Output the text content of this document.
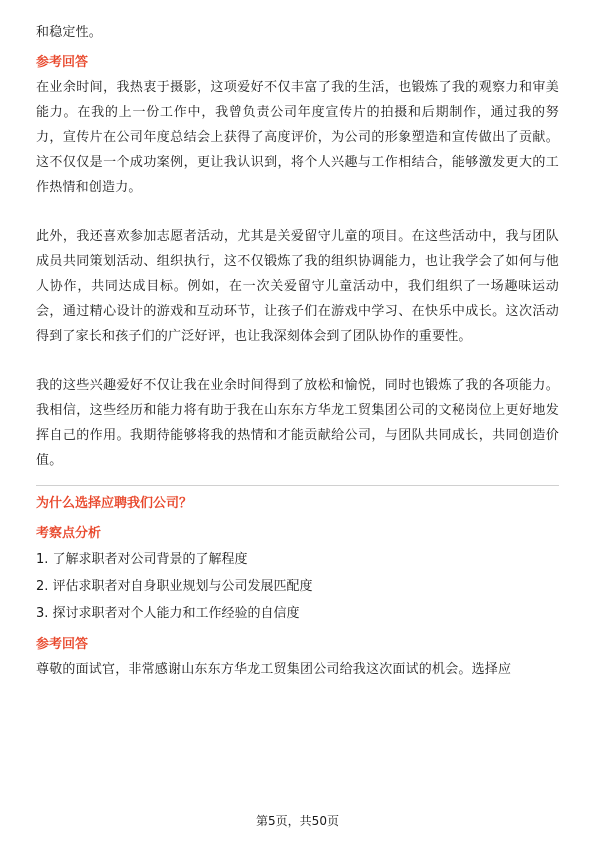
和稳定性。

参考回答

在业余时间，我热衷于摄影，这项爱好不仅丰富了我的生活，也锻炼了我的观察力和审美能力。在我的上一份工作中，我曾负责公司年度宣传片的拍摄和后期制作，通过我的努力，宣传片在公司年度总结会上获得了高度评价，为公司的形象塑造和宣传做出了贡献。这不仅仅是一个成功案例，更让我认识到，将个人兴趣与工作相结合，能够激发更大的工作热情和创造力。

此外，我还喜欢参加志愿者活动，尤其是关爱留守儿童的项目。在这些活动中，我与团队成员共同策划活动、组织执行，这不仅锻炼了我的组织协调能力，也让我学会了如何与他人协作，共同达成目标。例如，在一次关爱留守儿童活动中，我们组织了一场趣味运动会，通过精心设计的游戏和互动环节，让孩子们在游戏中学习、在快乐中成长。这次活动得到了家长和孩子们的广泛好评，也让我深刻体会到了团队协作的重要性。

我的这些兴趣爱好不仅让我在业余时间得到了放松和愉悦，同时也锻炼了我的各项能力。我相信，这些经历和能力将有助于我在山东东方华龙工贸集团公司的文秘岗位上更好地发挥自己的作用。我期待能够将我的热情和才能贡献给公司，与团队共同成长，共同创造价值。

为什么选择应聘我们公司？

考察点分析

1. 了解求职者对公司背景的了解程度

2. 评估求职者对自身职业规划与公司发展匹配度

3. 探讨求职者对个人能力和工作经验的自信度

参考回答

尊敬的面试官，非常感谢山东东方华龙工贸集团公司给我这次面试的机会。选择应

第5页，共50页
